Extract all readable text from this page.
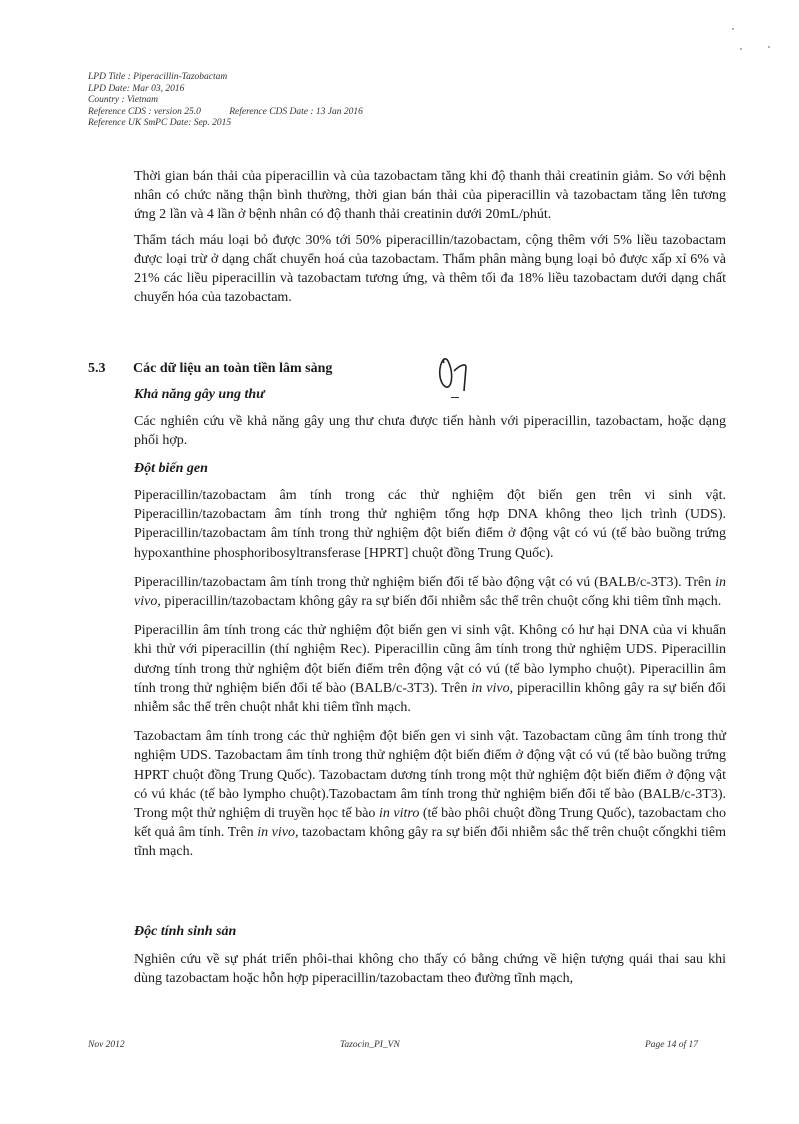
LPD Title : Piperacillin-Tazobactam
LPD Date: Mar 03, 2016
Country : Vietnam
Reference CDS : version 25.0	Reference CDS Date : 13 Jan 2016
Reference UK SmPC Date: Sep. 2015

Thời gian bán thải của piperacillin và của tazobactam tăng khi độ thanh thải creatinin giảm. So với bệnh nhân có chức năng thận bình thường, thời gian bán thải của piperacillin và tazobactam tăng lên tương ứng 2 lần và 4 lần ở bệnh nhân có độ thanh thải creatinin dưới 20mL/phút.

Thẩm tách máu loại bỏ được 30% tới 50% piperacillin/tazobactam, cộng thêm với 5% liều tazobactam được loại trừ ở dạng chất chuyển hoá của tazobactam. Thẩm phân màng bụng loại bỏ được xấp xỉ 6% và 21% các liều piperacillin và tazobactam tương ứng, và thêm tối đa 18% liều tazobactam dưới dạng chất chuyển hóa của tazobactam.

5.3 Các dữ liệu an toàn tiền lâm sàng
Khả năng gây ung thư

Các nghiên cứu về khả năng gây ung thư chưa được tiến hành với piperacillin, tazobactam, hoặc dạng phối hợp.

Đột biến gen

Piperacillin/tazobactam âm tính trong các thử nghiệm đột biến gen trên vi sinh vật. Piperacillin/tazobactam âm tính trong thử nghiệm tổng hợp DNA không theo lịch trình (UDS). Piperacillin/tazobactam âm tính trong thử nghiệm đột biến điểm ở động vật có vú (tế bào buồng trứng hypoxanthine phosphoribosyltransferase [HPRT] chuột đồng Trung Quốc).

Piperacillin/tazobactam âm tính trong thử nghiệm biến đổi tế bào động vật có vú (BALB/c-3T3). Trên in vivo, piperacillin/tazobactam không gây ra sự biến đổi nhiễm sắc thể trên chuột cống khi tiêm tĩnh mạch.

Piperacillin âm tính trong các thử nghiệm đột biến gen vi sinh vật. Không có hư hại DNA của vi khuẩn khi thử với piperacillin (thí nghiệm Rec). Piperacillin cũng âm tính trong thử nghiệm UDS. Piperacillin dương tính trong thử nghiệm đột biến điểm trên động vật có vú (tế bào lympho chuột). Piperacillin âm tính trong thử nghiệm biến đổi tế bào (BALB/c-3T3). Trên in vivo, piperacillin không gây ra sự biến đổi nhiễm sắc thể trên chuột nhắt khi tiêm tĩnh mạch.

Tazobactam âm tính trong các thử nghiệm đột biến gen vi sinh vật. Tazobactam cũng âm tính trong thử nghiệm UDS. Tazobactam âm tính trong thử nghiệm đột biến điểm ở động vật có vú (tế bào buồng trứng HPRT chuột đồng Trung Quốc). Tazobactam dương tính trong một thử nghiệm đột biến điểm ở động vật có vú khác (tế bào lympho chuột).Tazobactam âm tính trong thử nghiệm biến đổi tế bào (BALB/c-3T3). Trong một thử nghiệm di truyền học tế bào in vitro (tế bào phôi chuột đồng Trung Quốc), tazobactam cho kết quả âm tính. Trên in vivo, tazobactam không gây ra sự biến đổi nhiễm sắc thể trên chuột cốngkhi tiêm tĩnh mạch.

Độc tính sinh sản

Nghiên cứu về sự phát triển phôi-thai không cho thấy có bằng chứng về hiện tượng quái thai sau khi dùng tazobactam hoặc hỗn hợp piperacillin/tazobactam theo đường tĩnh mạch,

Nov 2012	Tazocin_PI_VN	Page 14 of 17
